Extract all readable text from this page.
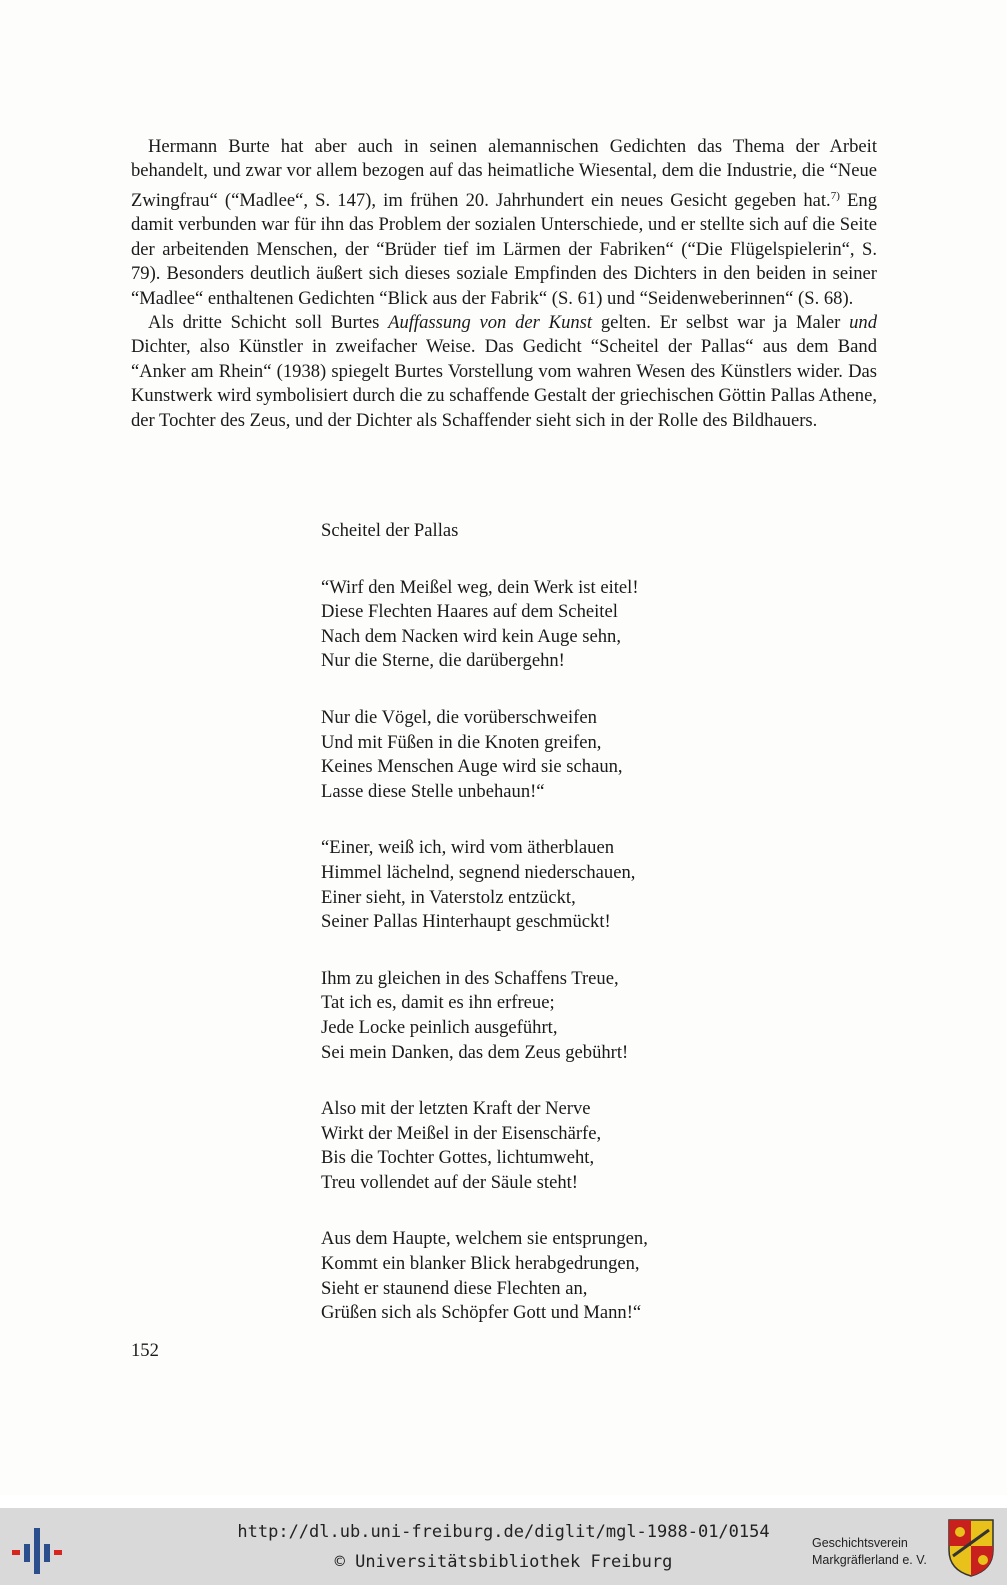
Hermann Burte hat aber auch in seinen alemannischen Gedichten das Thema der Arbeit behandelt, und zwar vor allem bezogen auf das heimatliche Wiesental, dem die Industrie, die “Neue Zwingfrau“ (“Madlee“, S. 147), im frühen 20. Jahrhundert ein neues Gesicht gegeben hat.$^{7)}$ Eng damit verbunden war für ihn das Problem der sozialen Unterschiede, und er stellte sich auf die Seite der arbeitenden Menschen, der “Brüder tief im Lärmen der Fabriken“ (“Die Flügelspielerin“, S. 79). Besonders deutlich äußert sich dieses soziale Empfinden des Dichters in den beiden in seiner “Madlee“ enthaltenen Gedichten “Blick aus der Fabrik“ (S. 61) und “Seidenweberinnen“ (S. 68).

Als dritte Schicht soll Burtes Auffassung von der Kunst gelten. Er selbst war ja Maler und Dichter, also Künstler in zweifacher Weise. Das Gedicht “Scheitel der Pallas“ aus dem Band “Anker am Rhein“ (1938) spiegelt Burtes Vorstellung vom wahren Wesen des Künstlers wider. Das Kunstwerk wird symbolisiert durch die zu schaffende Gestalt der griechischen Göttin Pallas Athene, der Tochter des Zeus, und der Dichter als Schaffender sieht sich in der Rolle des Bildhauers.

Scheitel der Pallas
“Wirf den Meißel weg, dein Werk ist eitel!
Diese Flechten Haares auf dem Scheitel
Nach dem Nacken wird kein Auge sehn,
Nur die Sterne, die darübergehn!
Nur die Vögel, die vorüberschweifen
Und mit Füßen in die Knoten greifen,
Keines Menschen Auge wird sie schaun,
Lasse diese Stelle unbehaun!“
“Einer, weiß ich, wird vom ätherblauen
Himmel lächelnd, segnend niederschauen,
Einer sieht, in Vaterstolz entzückt,
Seiner Pallas Hinterhaupt geschmückt!
Ihm zu gleichen in des Schaffens Treue,
Tat ich es, damit es ihn erfreue;
Jede Locke peinlich ausgeführt,
Sei mein Danken, das dem Zeus gebührt!
Also mit der letzten Kraft der Nerve
Wirkt der Meißel in der Eisenschärfe,
Bis die Tochter Gottes, lichtumweht,
Treu vollendet auf der Säule steht!
Aus dem Haupte, welchem sie entsprungen,
Kommt ein blanker Blick herabgedrungen,
Sieht er staunend diese Flechten an,
Grüßen sich als Schöpfer Gott und Mann!“
152
http://dl.ub.uni-freiburg.de/diglit/mgl-1988-01/0154
© Universitätsbibliothek Freiburg
Geschichtsverein
Markgräflerland e. V.
